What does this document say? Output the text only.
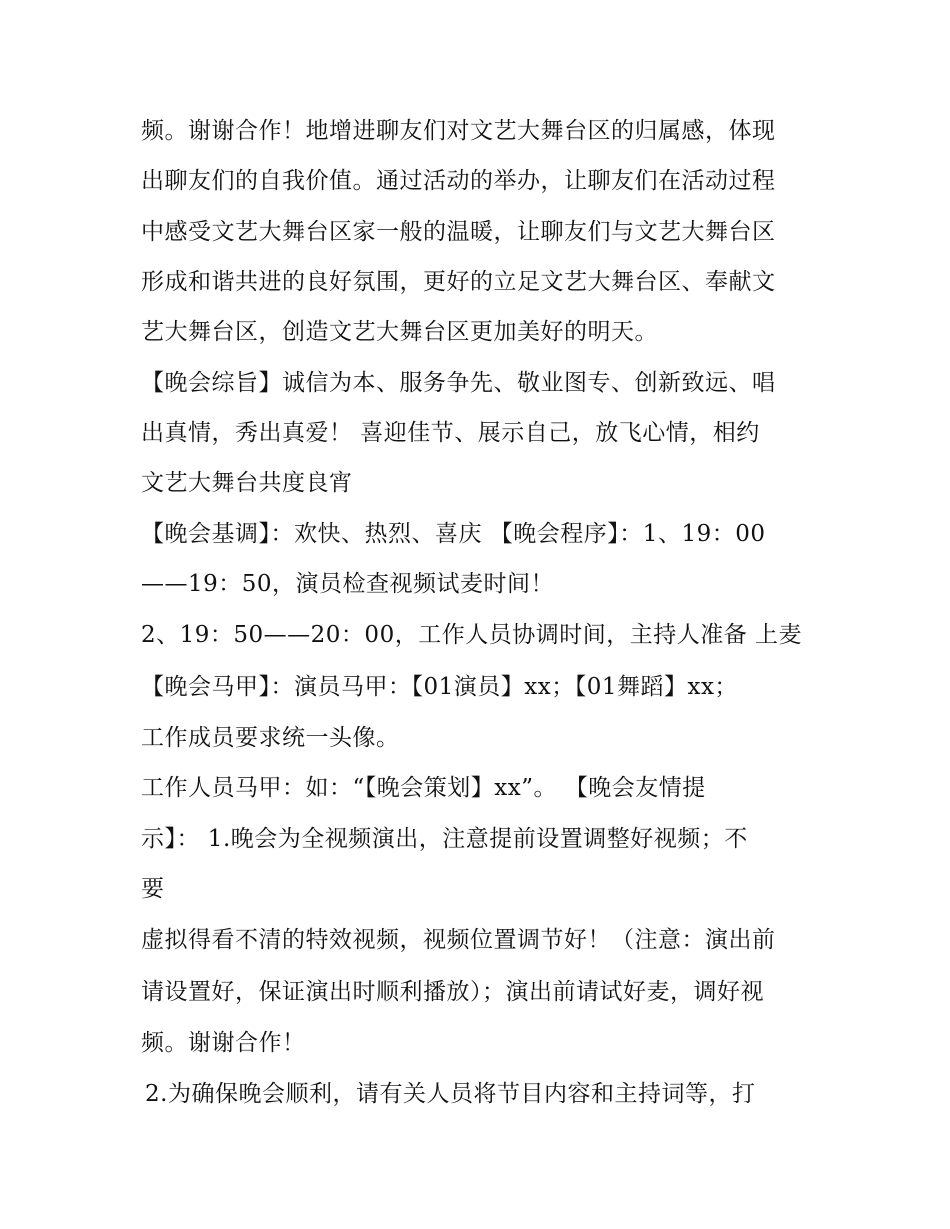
频。谢谢合作！地增进聊友们对文艺大舞台区的归属感，体现
出聊友们的自我价值。通过活动的举办，让聊友们在活动过程
中感受文艺大舞台区家一般的温暖，让聊友们与文艺大舞台区
形成和谐共进的良好氛围，更好的立足文艺大舞台区、奉献文
艺大舞台区，创造文艺大舞台区更加美好的明天。
【晚会综旨】诚信为本、服务争先、敬业图专、创新致远、唱
出真情，秀出真爱！ 喜迎佳节、展示自己，放飞心情，相约
文艺大舞台共度良宵
【晚会基调】：欢快、热烈、喜庆 【晚会程序】：1、19：00
——19：50，演员检查视频试麦时间！
2、19：50——20：00，工作人员协调时间，主持人准备 上麦
【晚会马甲】：演员马甲：【01演员】xx；【01舞蹈】xx；
工作成员要求统一头像。
工作人员马甲：如：“【晚会策划】xx”。 【晚会友情提
示】： 1.晚会为全视频演出，注意提前设置调整好视频；不
要
虚拟得看不清的特效视频，视频位置调节好！（注意：演出前
请设置好，保证演出时顺利播放）；演出前请试好麦，调好视
频。谢谢合作！
2.为确保晚会顺利，请有关人员将节目内容和主持词等，打
